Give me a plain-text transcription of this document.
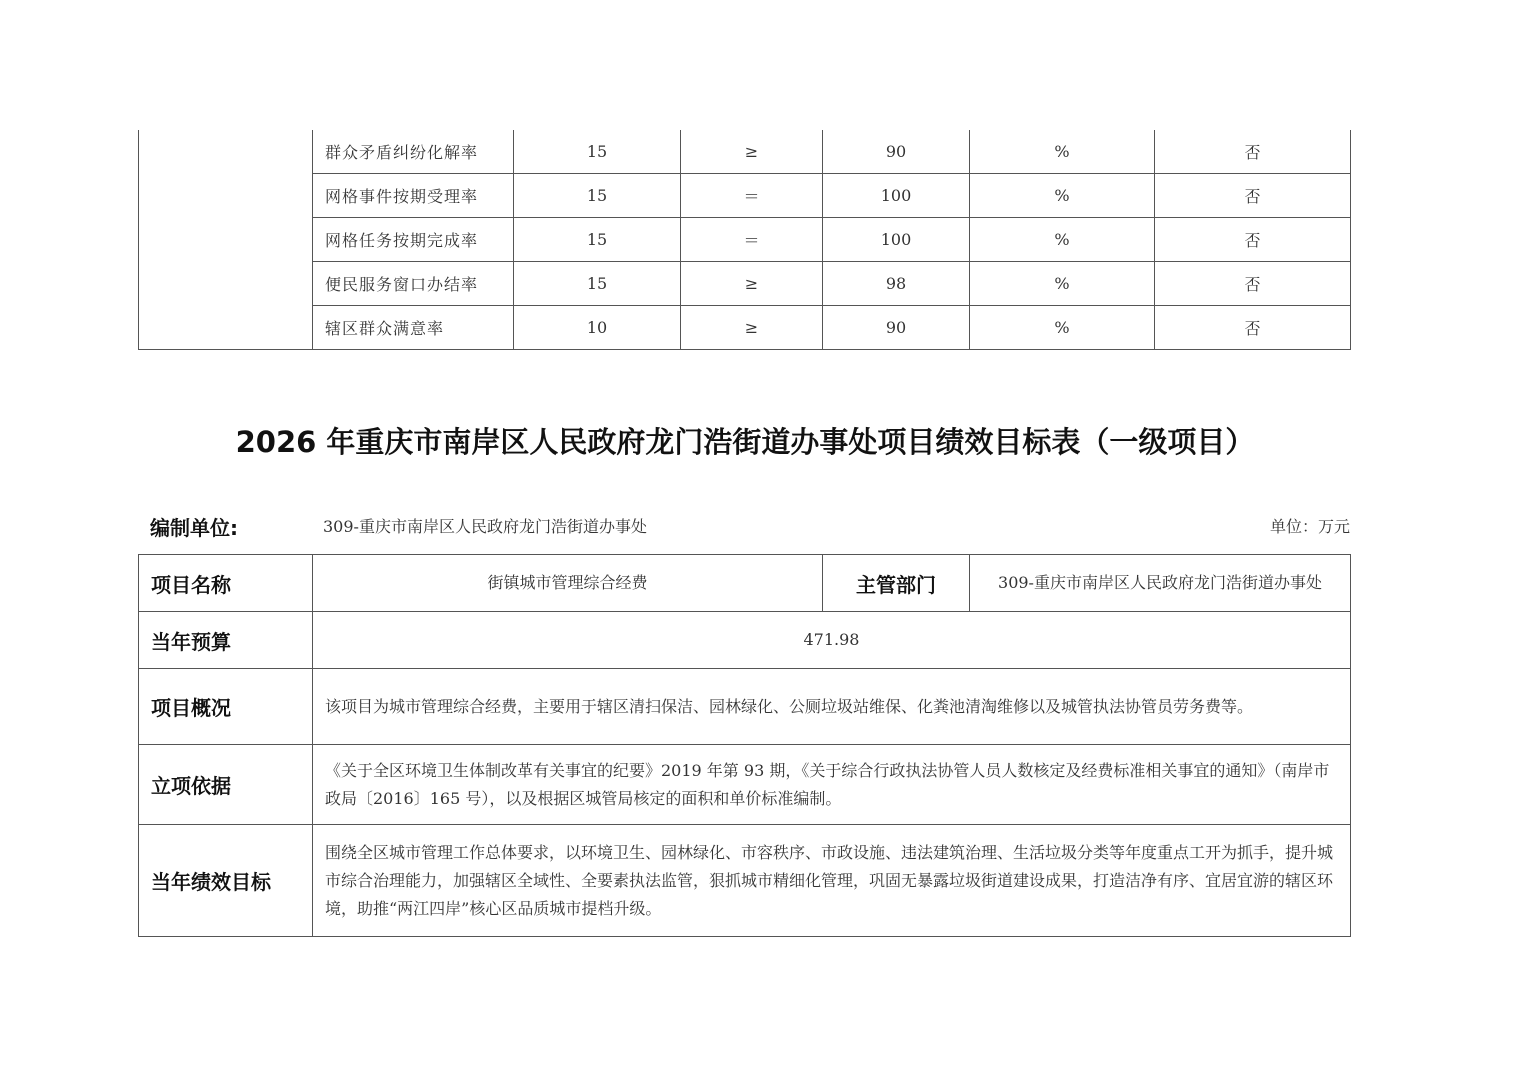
	群众矛盾纠纷化解率	15	≥	90	%	否
	网格事件按期受理率	15	＝	100	%	否
	网格任务按期完成率	15	＝	100	%	否
	便民服务窗口办结率	15	≥	98	%	否
	辖区群众满意率	10	≥	90	%	否
2026 年重庆市南岸区人民政府龙门浩街道办事处项目绩效目标表（一级项目）
编制单位:	309-重庆市南岸区人民政府龙门浩街道办事处	单位：万元
项目名称	街镇城市管理综合经费	主管部门	309-重庆市南岸区人民政府龙门浩街道办事处
当年预算	471.98		
项目概况	该项目为城市管理综合经费，主要用于辖区清扫保洁、园林绿化、公厕垃圾站维保、化粪池清淘维修以及城管执法协管员劳务费等。		
立项依据	《关于全区环境卫生体制改革有关事宜的纪要》2019 年第 93 期，《关于综合行政执法协管人员人数核定及经费标准相关事宜的通知》（南岸市政局〔2016〕165 号），以及根据区城管局核定的面积和单价标准编制。		
当年绩效目标	围绕全区城市管理工作总体要求，以环境卫生、园林绿化、市容秩序、市政设施、违法建筑治理、生活垃圾分类等年度重点工开为抓手，提升城市综合治理能力，加强辖区全域性、全要素执法监管，狠抓城市精细化管理，巩固无暴露垃圾街道建设成果，打造洁净有序、宜居宜游的辖区环境，助推“两江四岸”核心区品质城市提档升级。		
